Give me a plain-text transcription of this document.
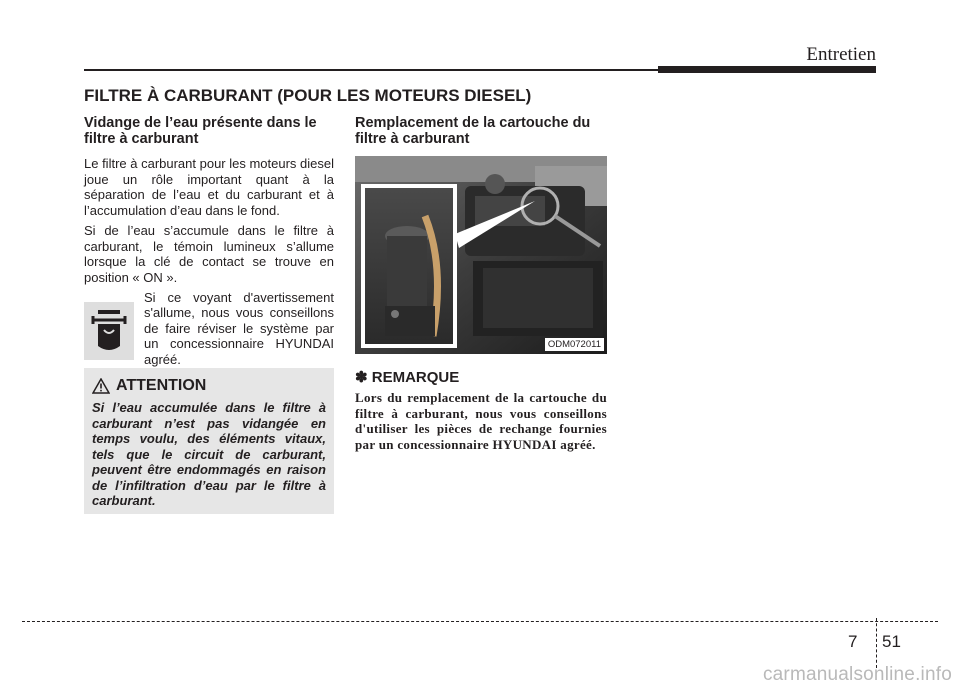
Entretien
FILTRE À CARBURANT (POUR LES MOTEURS DIESEL)
Vidange de l’eau présente dans le filtre à carburant

Le filtre à carburant pour les moteurs diesel joue un rôle important quant à la séparation de l’eau et du carburant et à l’accumulation d’eau dans le fond.

Si de l’eau s’accumule dans le filtre à carburant, le témoin lumineux s’allume lorsque la clé de contact se trouve en position « ON ».

Si ce voyant d'avertissement s'allume, nous vous conseillons de faire réviser le système par un concessionnaire HYUNDAI agréé.

ATTENTION

Si l’eau accumulée dans le filtre à carburant n’est pas vidangée en temps voulu, des éléments vitaux, tels que le circuit de carburant, peuvent être endommagés en raison de l’infiltration d’eau par le filtre à carburant.

Remplacement de la cartouche du filtre à carburant
ODM072011
✽ REMARQUE

Lors du remplacement de la cartouche du filtre à carburant, nous vous conseillons d'utiliser les pièces de rechange fournies par un concessionnaire HYUNDAI agréé.

7 51
carmanualsonline.info
